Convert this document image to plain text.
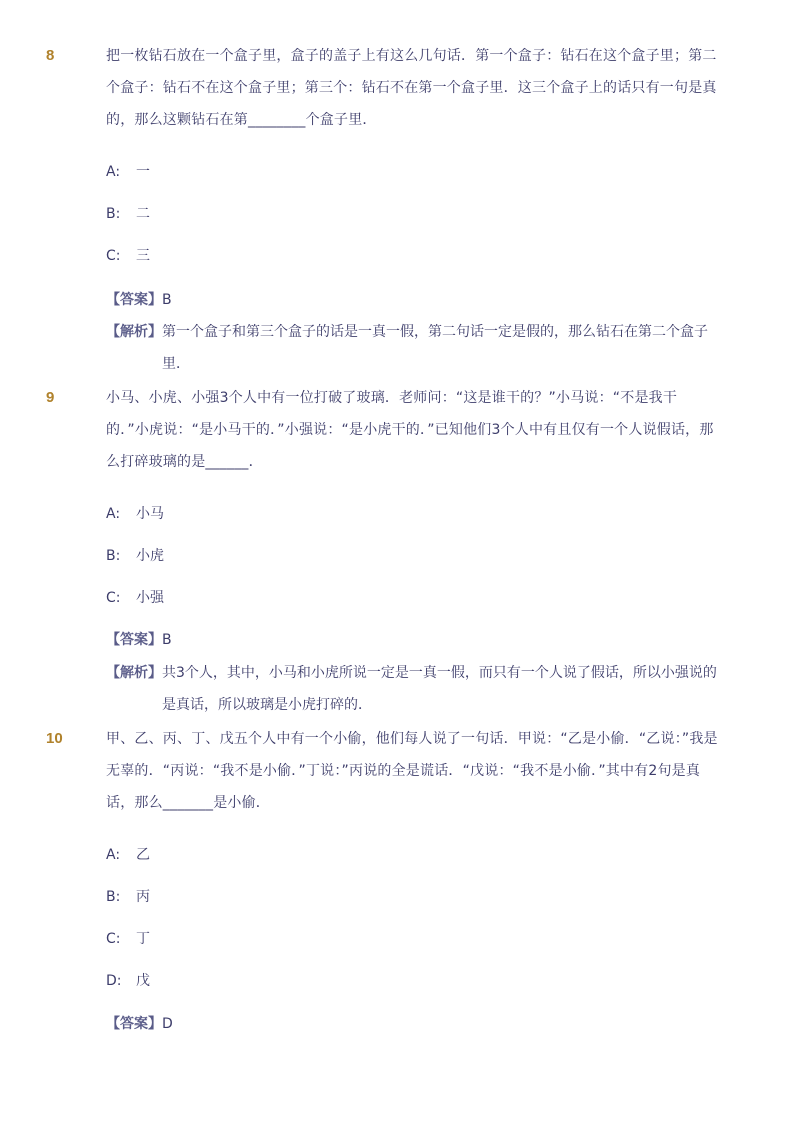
8	把一枚钻石放在一个盒子里，盒子的盖子上有这么几句话．第一个盒子：钻石在这个盒子里；第二个盒子：钻石不在这个盒子里；第三个：钻石不在第一个盒子里．这三个盒子上的话只有一句是真的，那么这颗钻石在第________个盒子里．
A: 一
B: 二
C: 三
【答案】B
【解析】 第一个盒子和第三个盒子的话是一真一假，第二句话一定是假的，那么钻石在第二个盒子里．
9	小马、小虎、小强3个人中有一位打破了玻璃．老师问：“这是谁干的？”小马说：“不是我干的．”小虎说：“是小马干的．”小强说：“是小虎干的．”已知他们3个人中有且仅有一个人说假话，那么打碎玻璃的是______．
A: 小马
B: 小虎
C: 小强
【答案】B
【解析】 共3个人，其中，小马和小虎所说一定是一真一假，而只有一个人说了假话，所以小强说的是真话，所以玻璃是小虎打碎的．
10	甲、乙、丙、丁、戊五个人中有一个小偷，他们每人说了一句话．甲说：“乙是小偷．“乙说：”我是无辜的．“丙说：“我不是小偷．”丁说：”丙说的全是谎话．“戊说：“我不是小偷．”其中有2句是真话，那么_______是小偷．
A: 乙
B: 丙
C: 丁
D: 戊
【答案】D
